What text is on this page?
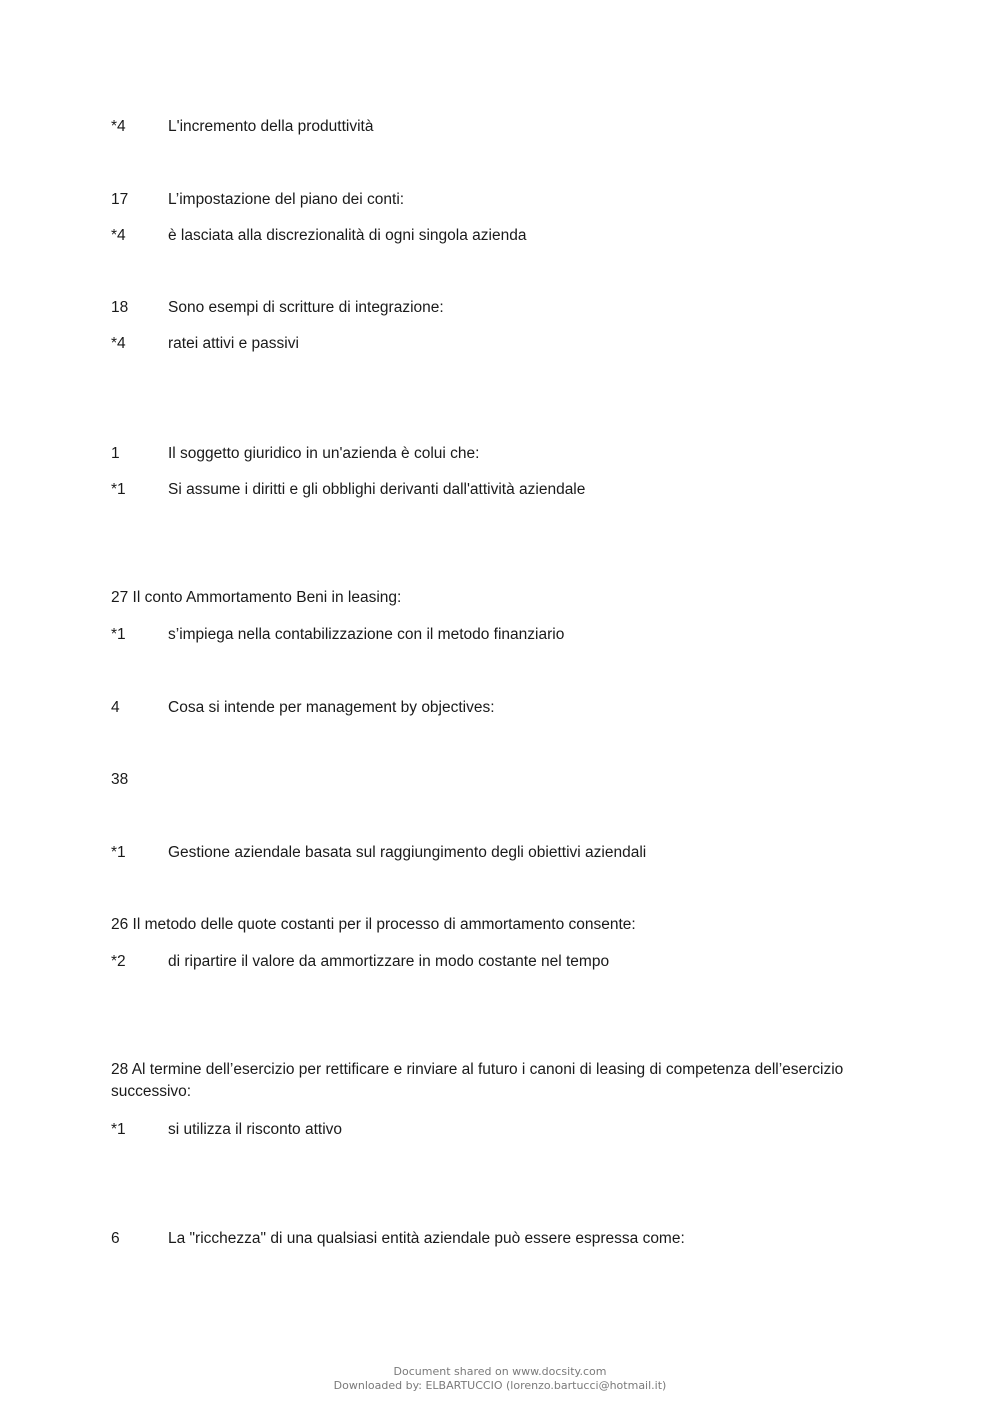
*4	L'incremento della produttività
17	L’impostazione del piano dei conti:
*4	è lasciata alla discrezionalità di ogni singola azienda
18	Sono esempi di scritture di integrazione:
*4	ratei attivi e passivi
1	Il soggetto giuridico in un'azienda è colui che:
*1	Si assume i diritti e gli obblighi derivanti dall'attività aziendale
27 Il conto Ammortamento Beni in leasing:
*1	s’impiega nella contabilizzazione con il metodo finanziario
4	Cosa si intende per management by objectives:
38
*1	Gestione aziendale basata sul raggiungimento degli obiettivi aziendali
26 Il metodo delle quote costanti per il processo di ammortamento consente:
*2	di ripartire il valore da ammortizzare in modo costante nel tempo
28 Al termine dell’esercizio per rettificare e rinviare al futuro i canoni di leasing di competenza dell’esercizio successivo:
*1	si utilizza il risconto attivo
6	La "ricchezza" di una qualsiasi entità aziendale può essere espressa come:
Document shared on www.docsity.com
Downloaded by: ELBARTUCCIO (lorenzo.bartucci@hotmail.it)
